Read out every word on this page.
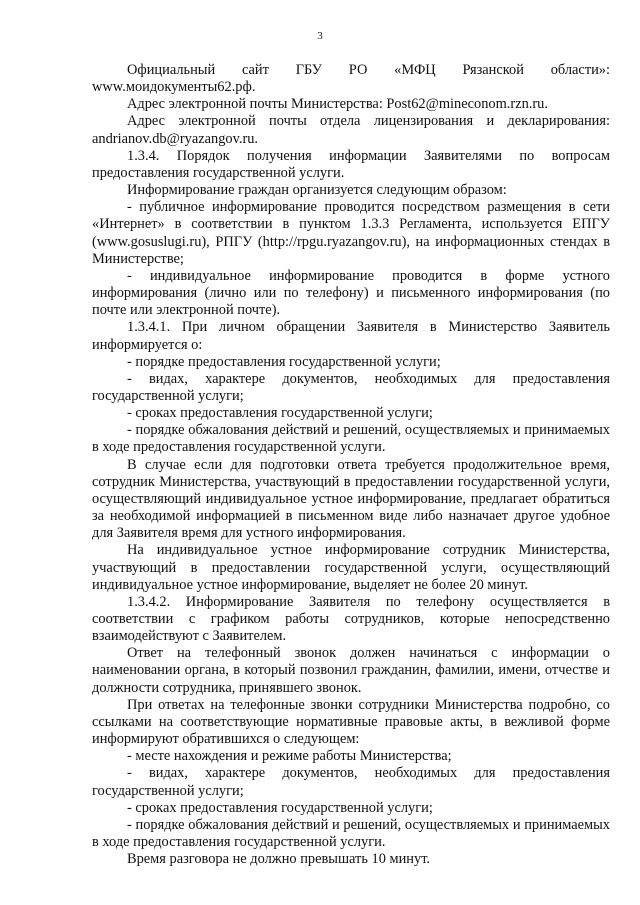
3

Официальный сайт ГБУ РО «МФЦ Рязанской области»: www.моидокументы62.рф.

Адрес электронной почты Министерства: Post62@mineconom.rzn.ru.

Адрес электронной почты отдела лицензирования и декларирования: andrianov.db@ryazangov.ru.

1.3.4. Порядок получения информации Заявителями по вопросам предоставления государственной услуги.

Информирование граждан организуется следующим образом:

- публичное информирование проводится посредством размещения в сети «Интернет» в соответствии в пунктом 1.3.3 Регламента, используется ЕПГУ (www.gosuslugi.ru), РПГУ (http://rpgu.ryazangov.ru), на информационных стендах в Министерстве;

- индивидуальное информирование проводится в форме устного информирования (лично или по телефону) и письменного информирования (по почте или электронной почте).

1.3.4.1. При личном обращении Заявителя в Министерство Заявитель информируется о:

- порядке предоставления государственной услуги;

- видах, характере документов, необходимых для предоставления государственной услуги;

- сроках предоставления государственной услуги;

- порядке обжалования действий и решений, осуществляемых и принимаемых в ходе предоставления государственной услуги.

В случае если для подготовки ответа требуется продолжительное время, сотрудник Министерства, участвующий в предоставлении государственной услуги, осуществляющий индивидуальное устное информирование, предлагает обратиться за необходимой информацией в письменном виде либо назначает другое удобное для Заявителя время для устного информирования.

На индивидуальное устное информирование сотрудник Министерства, участвующий в предоставлении государственной услуги, осуществляющий индивидуальное устное информирование, выделяет не более 20 минут.

1.3.4.2. Информирование Заявителя по телефону осуществляется в соответствии с графиком работы сотрудников, которые непосредственно взаимодействуют с Заявителем.

Ответ на телефонный звонок должен начинаться с информации о наименовании органа, в который позвонил гражданин, фамилии, имени, отчестве и должности сотрудника, принявшего звонок.

При ответах на телефонные звонки сотрудники Министерства подробно, со ссылками на соответствующие нормативные правовые акты, в вежливой форме информируют обратившихся о следующем:

- месте нахождения и режиме работы Министерства;

- видах, характере документов, необходимых для предоставления государственной услуги;

- сроках предоставления государственной услуги;

- порядке обжалования действий и решений, осуществляемых и принимаемых в ходе предоставления государственной услуги.

Время разговора не должно превышать 10 минут.
